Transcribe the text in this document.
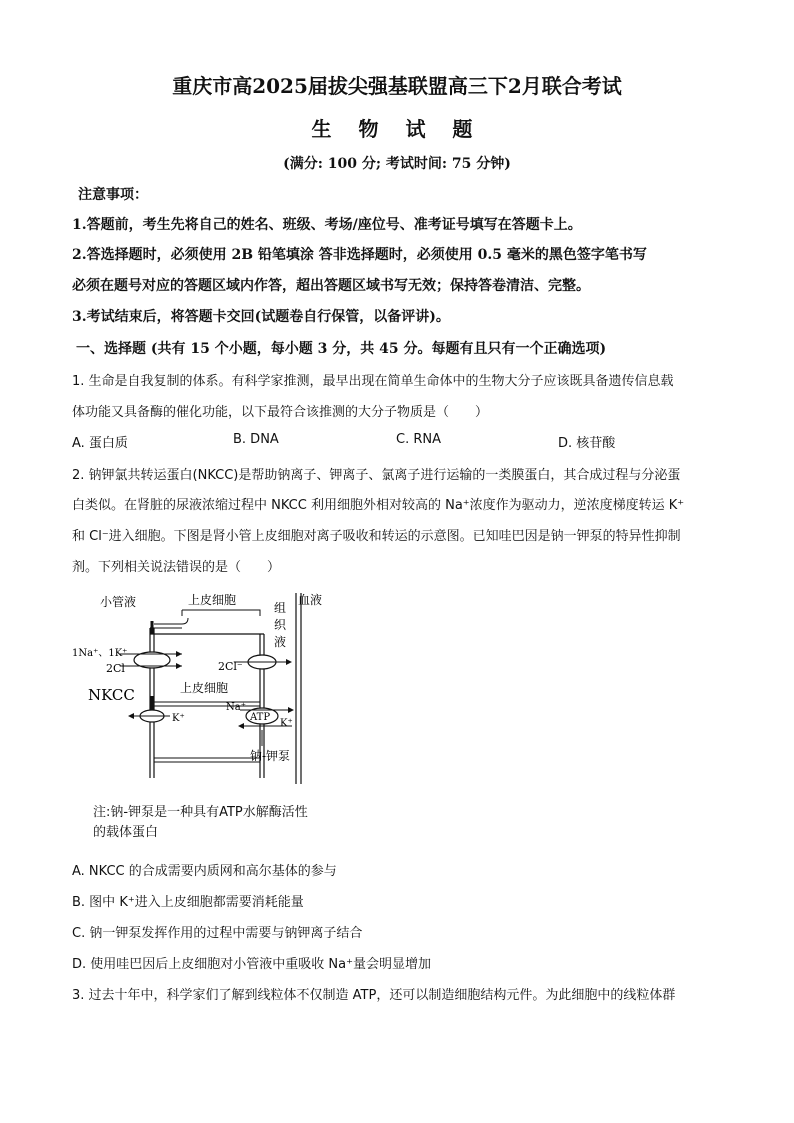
重庆市高2025届拔尖强基联盟高三下2月联合考试
生 物 试 题
(满分: 100 分; 考试时间: 75 分钟)
注意事项：
1.答题前，考生先将自己的姓名、班级、考场/座位号、准考证号填写在答题卡上。
2.答选择题时，必须使用 2B 铅笔填涂 答非选择题时，必须使用 0.5 毫米的黑色签字笔书写
必须在题号对应的答题区域内作答，超出答题区域书写无效；保持答卷清洁、完整。
3.考试结束后，将答题卡交回(试题卷自行保管，以备评讲)。
一、选择题 (共有 15 个小题，每小题 3 分，共 45 分。每题有且只有一个正确选项)
1. 生命是自我复制的体系。有科学家推测，最早出现在简单生命体中的生物大分子应该既具备遗传信息载
体功能又具备酶的催化功能，以下最符合该推测的大分子物质是（　　）
A. 蛋白质	B. DNA	C. RNA	D. 核苷酸
2. 钠钾氯共转运蛋白(NKCC)是帮助钠离子、钾离子、氯离子进行运输的一类膜蛋白，其合成过程与分泌蛋
白类似。在肾脏的尿液浓缩过程中 NKCC 利用细胞外相对较高的 Na⁺浓度作为驱动力，逆浓度梯度转运 K⁺
和 Cl⁻进入细胞。下图是肾小管上皮细胞对离子吸收和转运的示意图。已知哇巴因是钠一钾泵的特异性抑制
剂。下列相关说法错误的是（　　）
小管液	上皮细胞	血液
组
织
液
1Na⁺、1K⁺
2Cl⁻
NKCC
2Cl⁻
上皮细胞
K⁺	ATP
Na⁺
K⁺
钠-钾泵
注:钠-钾泵是一种具有ATP水解酶活性
的载体蛋白
A. NKCC 的合成需要内质网和高尔基体的参与
B. 图中 K⁺进入上皮细胞都需要消耗能量
C. 钠一钾泵发挥作用的过程中需要与钠钾离子结合
D. 使用哇巴因后上皮细胞对小管液中重吸收 Na⁺量会明显增加
3. 过去十年中，科学家们了解到线粒体不仅制造 ATP，还可以制造细胞结构元件。为此细胞中的线粒体群
